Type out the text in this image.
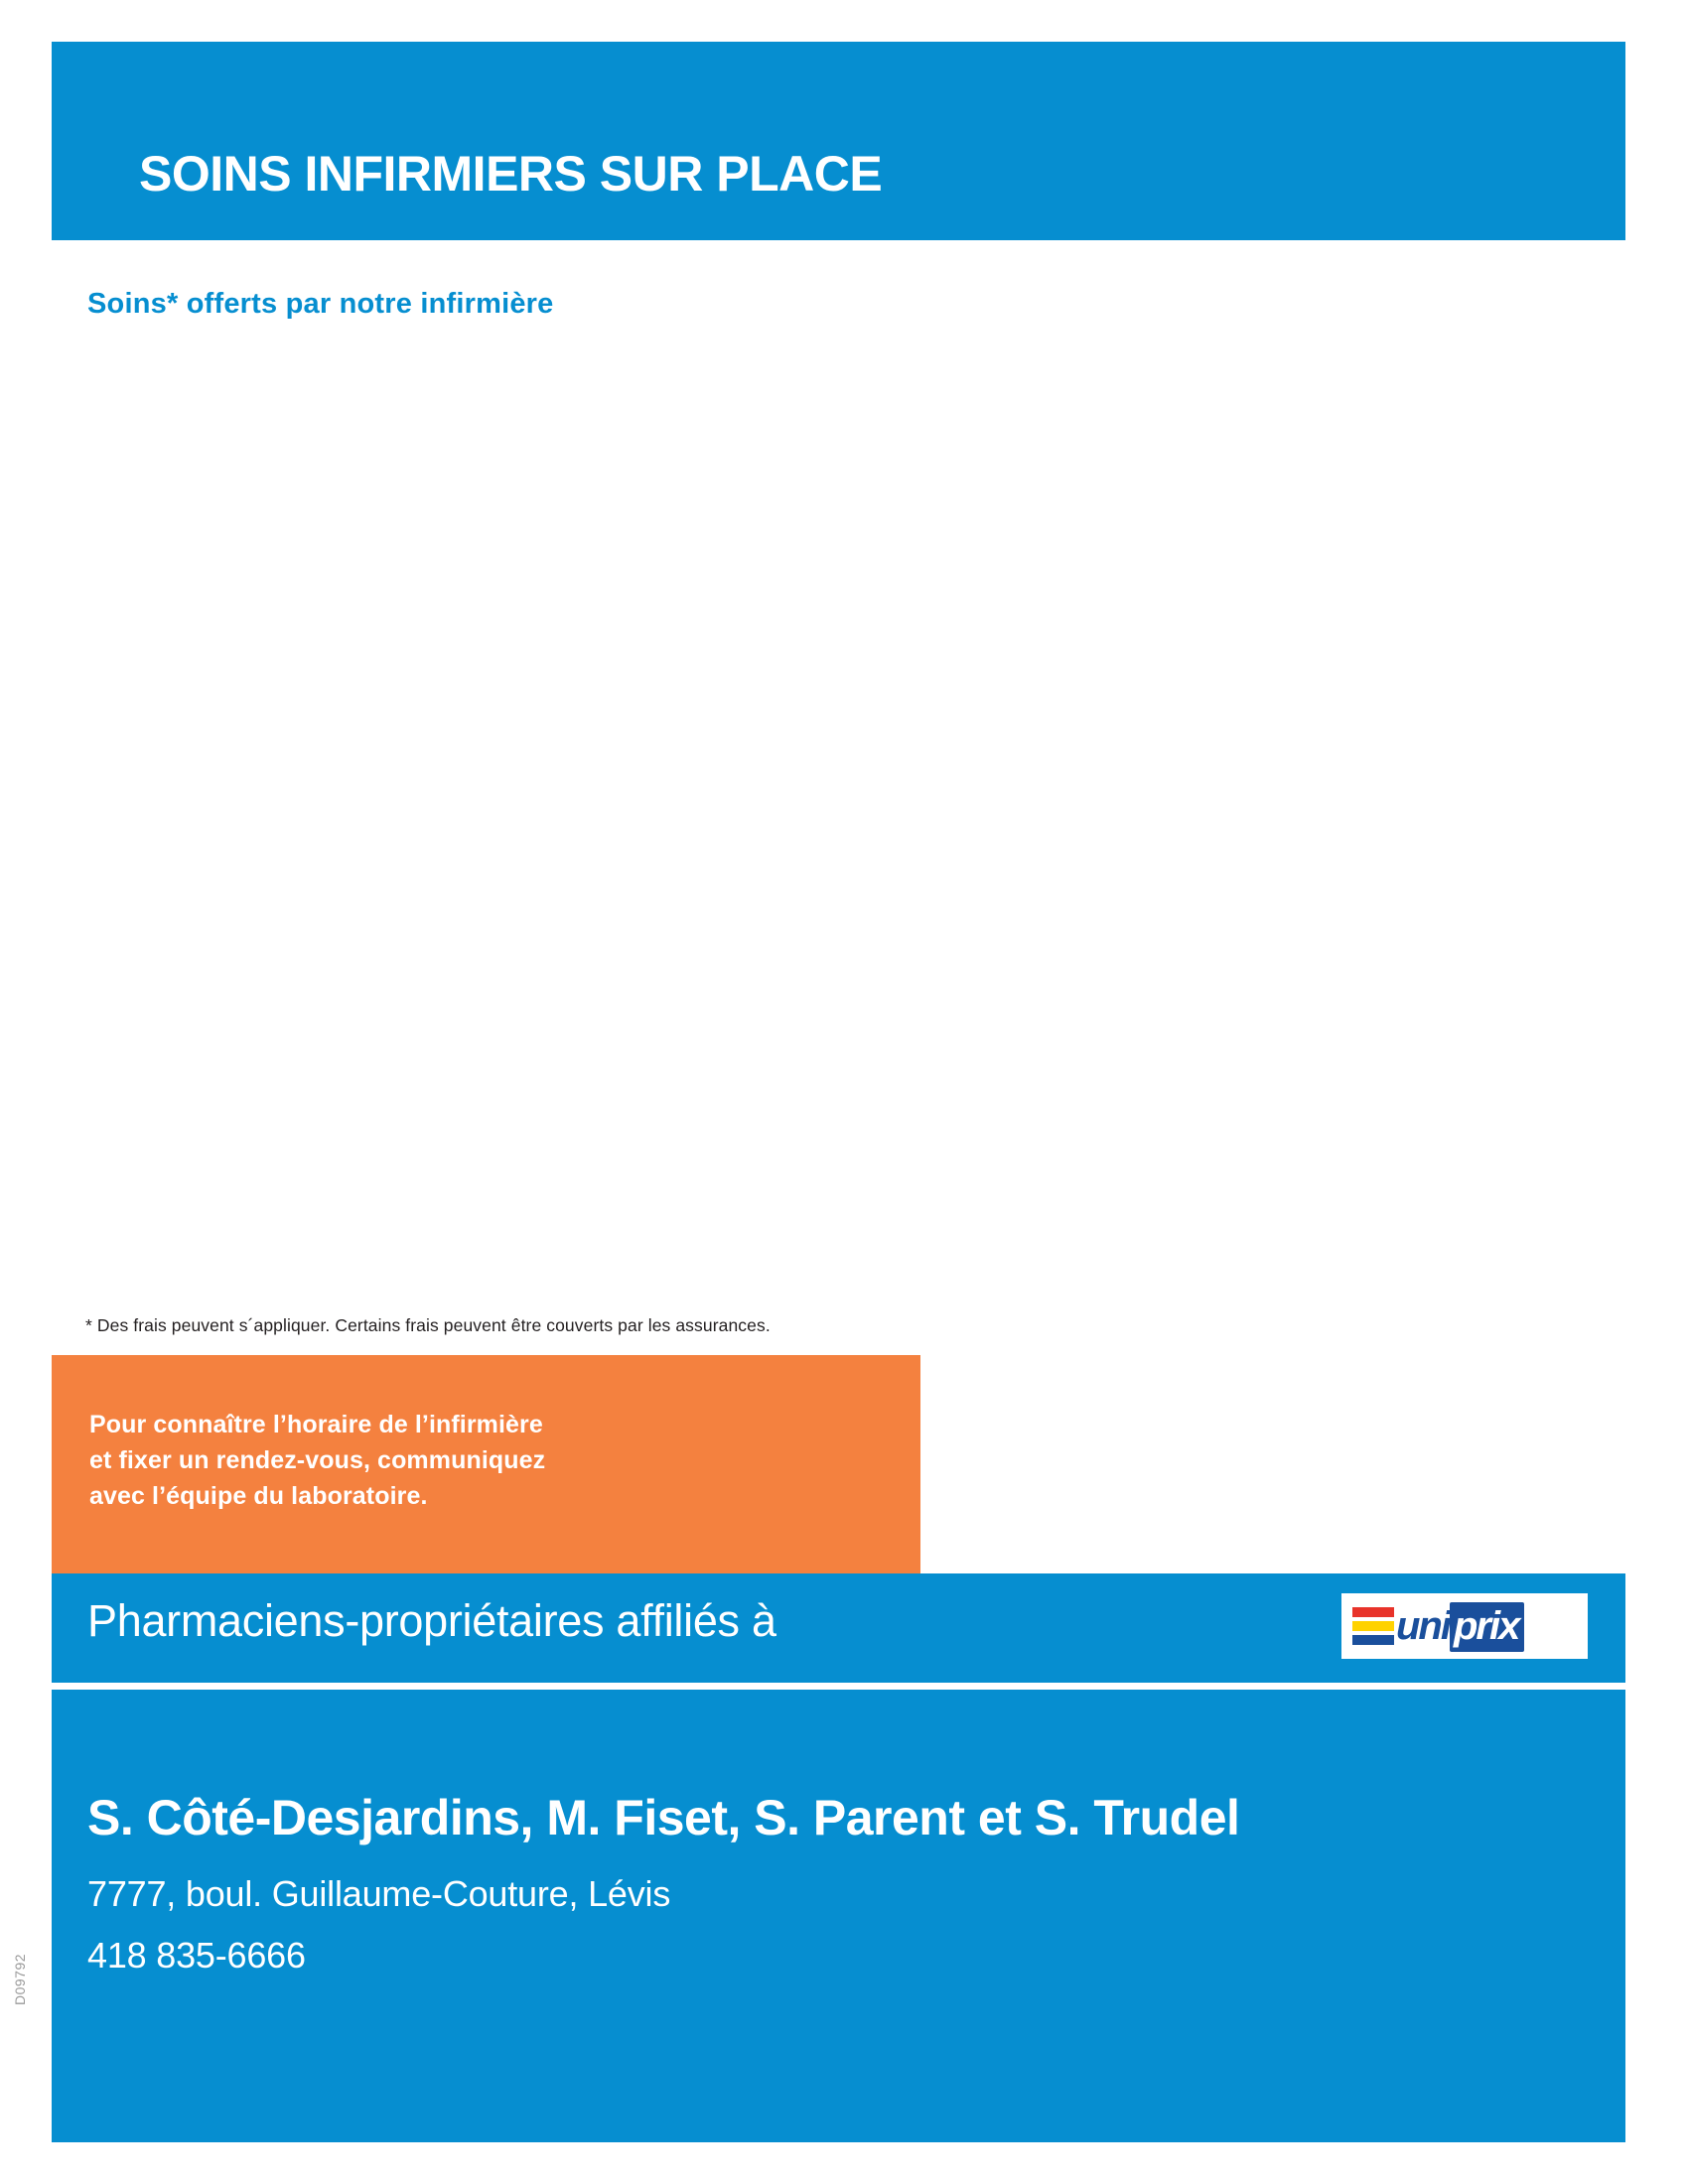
SOINS INFIRMIERS SUR PLACE
Soins* offerts par notre infirmière
* Des frais peuvent s´appliquer. Certains frais peuvent être couverts par les assurances.
Pour connaître l’horaire de l’infirmière
et fixer un rendez-vous, communiquez
avec l’équipe du laboratoire.
Pharmaciens-propriétaires affiliés à	uni prix
S. Côté-Desjardins, M. Fiset, S. Parent et S. Trudel
7777, boul. Guillaume-Couture, Lévis
418 835-6666
D09792
